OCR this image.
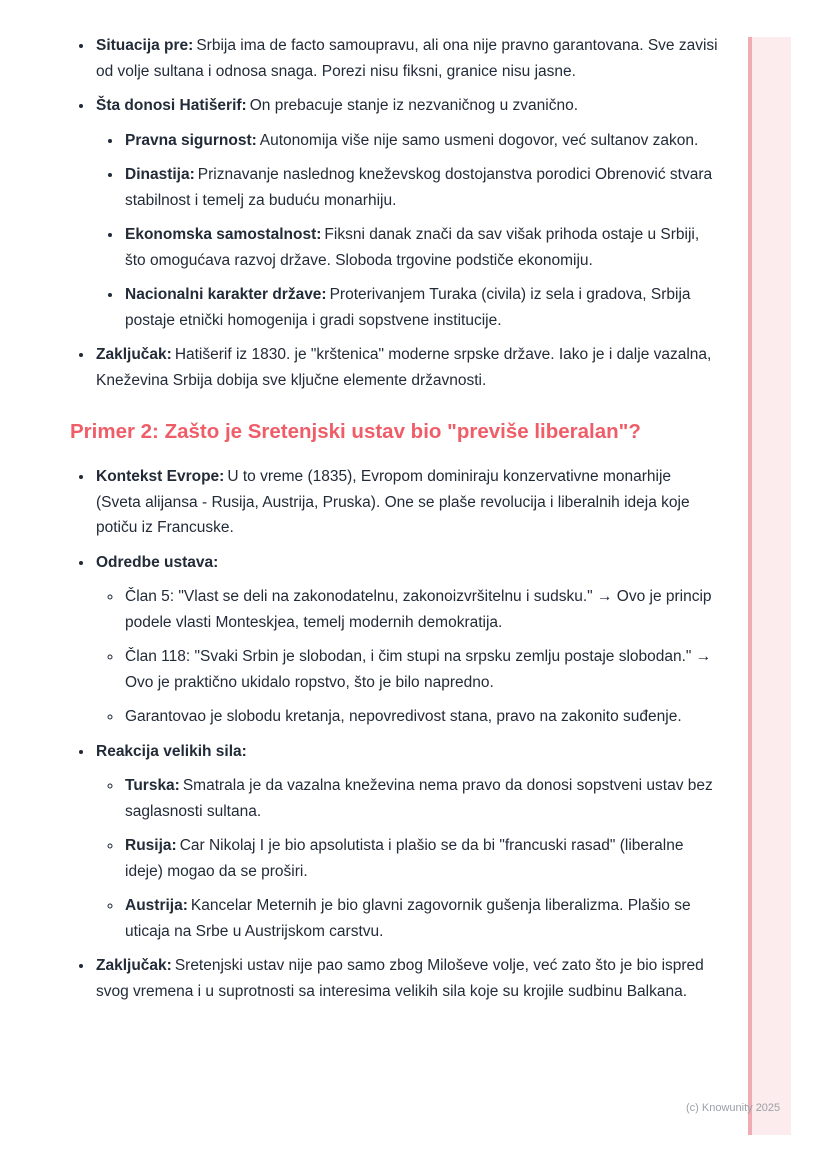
• Situacija pre: Srbija ima de facto samoupravu, ali ona nije pravno garantovana. Sve zavisi od volje sultana i odnosa snaga. Porezi nisu fiksni, granice nisu jasne.
• Šta donosi Hatišerif: On prebacuje stanje iz nezvaničnog u zvanično.
• Pravna sigurnost: Autonomija više nije samo usmeni dogovor, već sultanov zakon.
• Dinastija: Priznavanje naslednog kneževskog dostojanstva porodici Obrenović stvara stabilnost i temelj za buduću monarhiju.
• Ekonomska samostalnost: Fiksni danak znači da sav višak prihoda ostaje u Srbiji, što omogućava razvoj države. Sloboda trgovine podstiče ekonomiju.
• Nacionalni karakter države: Proterivanjem Turaka (civila) iz sela i gradova, Srbija postaje etnički homogenija i gradi sopstvene institucije.
• Zaključak: Hatišerif iz 1830. je "krštenica" moderne srpske države. Iako je i dalje vazalna, Kneževina Srbija dobija sve ključne elemente državnosti.
Primer 2: Zašto je Sretenjski ustav bio "previše liberalan"?
• Kontekst Evrope: U to vreme (1835), Evropom dominiraju konzervativne monarhije (Sveta alijansa - Rusija, Austrija, Pruska). One se plaše revolucija i liberalnih ideja koje potiču iz Francuske.
• Odredbe ustava:
◦ Član 5: "Vlast se deli na zakonodatelnu, zakonoizvršitelnu i sudsku." → Ovo je princip podele vlasti Monteskjea, temelj modernih demokratija.
◦ Član 118: "Svaki Srbin je slobodan, i čim stupi na srpsku zemlju postaje slobodan." → Ovo je praktično ukidalo ropstvo, što je bilo napredno.
◦ Garantovao je slobodu kretanja, nepovredivost stana, pravo na zakonito suđenje.
• Reakcija velikih sila:
◦ Turska: Smatrala je da vazalna kneževina nema pravo da donosi sopstveni ustav bez saglasnosti sultana.
◦ Rusija: Car Nikolaj I je bio apsolutista i plašio se da bi "francuski rasad" (liberalne ideje) mogao da se proširi.
◦ Austrija: Kancelar Meternih je bio glavni zagovornik gušenja liberalizma. Plašio se uticaja na Srbe u Austrijskom carstvu.
• Zaključak: Sretenjski ustav nije pao samo zbog Miloševe volje, već zato što je bio ispred svog vremena i u suprotnosti sa interesima velikih sila koje su krojile sudbinu Balkana.
(c) Knowunity 2025
